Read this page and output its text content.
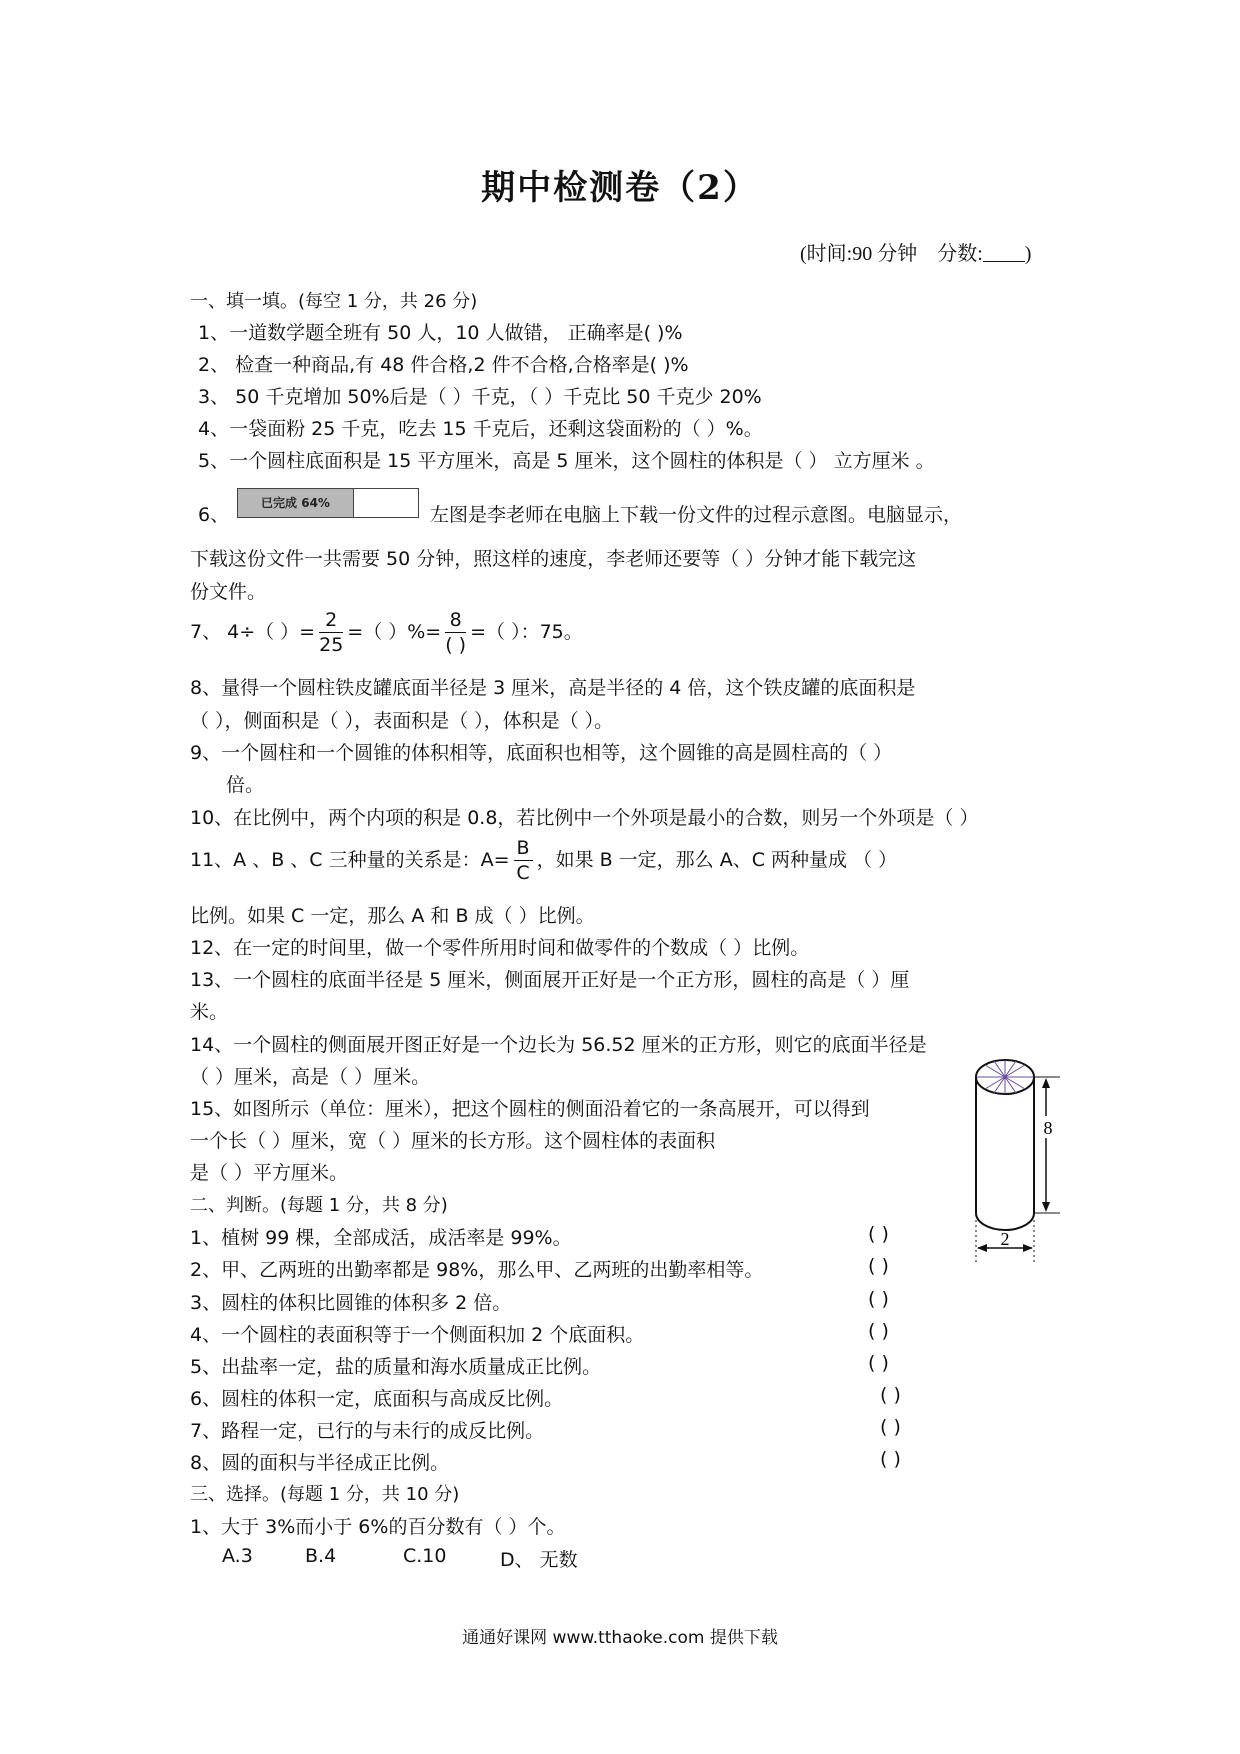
期中检测卷（2）
(时间:90 分钟 分数: )
一、填一填。(每空 1 分，共 26 分)
1、一道数学题全班有 50 人，10 人做错， 正确率是( )%
2、 检查一种商品,有 48 件合格,2 件不合格,合格率是( )%
3、 50 千克增加 50%后是（ ）千克，（ ）千克比 50 千克少 20%
4、一袋面粉 25 千克，吃去 15 千克后，还剩这袋面粉的（ ）%。
5、一个圆柱底面积是 15 平方厘米，高是 5 厘米，这个圆柱的体积是（ ） 立方厘米 。
6、
已完成 64%
左图是李老师在电脑上下载一份文件的过程示意图。电脑显示，
下载这份文件一共需要 50 分钟，照这样的速度，李老师还要等（ ）分钟才能下载完这
份文件。
7、 4÷（ ）= $\frac{2}{25}$ =（ ）%= $\frac{8}{( )}$ =（ ）：75。
8、量得一个圆柱铁皮罐底面半径是 3 厘米，高是半径的 4 倍，这个铁皮罐的底面积是
（ ），侧面积是（ ），表面积是（ ），体积是（ ）。
9、一个圆柱和一个圆锥的体积相等，底面积也相等，这个圆锥的高是圆柱高的（ ）
倍。
10、在比例中，两个内项的积是 0.8，若比例中一个外项是最小的合数，则另一个外项是（ ）
11、A 、B 、C 三种量的关系是：$A= \frac{B}{C}$ ，如果 B 一定，那么 A、C 两种量成 （ ）
比例。如果 C 一定，那么 A 和 B 成（ ）比例。
12、在一定的时间里，做一个零件所用时间和做零件的个数成（ ）比例。
13、一个圆柱的底面半径是 5 厘米，侧面展开正好是一个正方形，圆柱的高是（ ）厘
米。
14、一个圆柱的侧面展开图正好是一个边长为 56.52 厘米的正方形，则它的底面半径是
（ ）厘米，高是（ ）厘米。
15、如图所示（单位：厘米），把这个圆柱的侧面沿着它的一条高展开，可以得到
一个长（ ）厘米，宽（ ）厘米的长方形。这个圆柱体的表面积
是（ ）平方厘米。
8
2
二、判断。(每题 1 分，共 8 分)
1、植树 99 棵，全部成活，成活率是 99%。	( )
2、甲、乙两班的出勤率都是 98%，那么甲、乙两班的出勤率相等。	( )
3、圆柱的体积比圆锥的体积多 2 倍。	( )
4、一个圆柱的表面积等于一个侧面积加 2 个底面积。	( )
5、出盐率一定，盐的质量和海水质量成正比例。	( )
6、圆柱的体积一定，底面积与高成反比例。	( )
7、路程一定，已行的与未行的成反比例。	( )
8、圆的面积与半径成正比例。	( )
三、选择。(每题 1 分，共 10 分)
1、大于 3%而小于 6%的百分数有（ ）个。
A.3	B.4	C.10	D、 无数
通通好课网 www.tthaoke.com 提供下载
